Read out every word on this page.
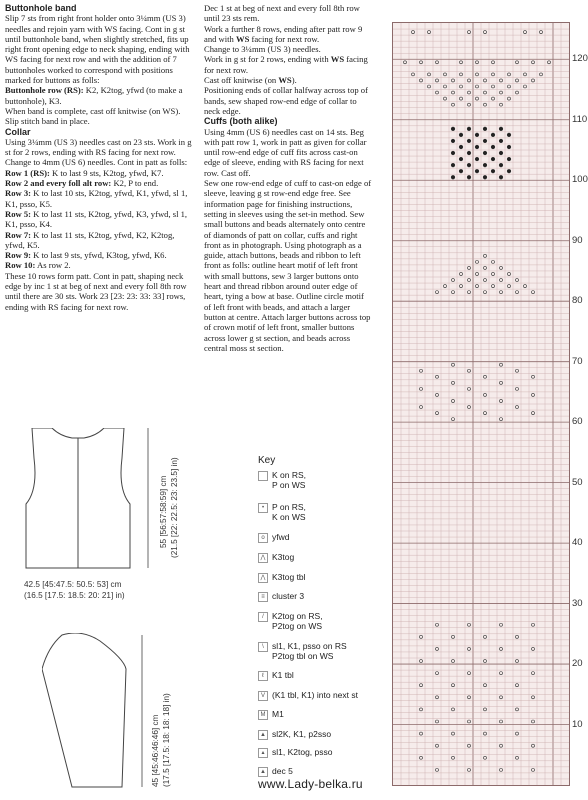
Buttonhole band

Slip 7 sts from right front holder onto 3¼mm (US 3) needles and rejoin yarn with WS facing. Cont in g st until buttonhole band, when slightly stretched, fits up right front opening edge to neck shaping, ending with WS facing for next row and with the addition of 7 buttonholes worked to correspond with positions marked for buttons as folls:

Buttonhole row (RS): K2, K2tog, yfwd (to make a buttonhole), K3.

When band is complete, cast off knitwise (on WS). Slip stitch band in place.

Collar

Using 3¼mm (US 3) needles cast on 23 sts. Work in g st for 2 rows, ending with RS facing for next row. Change to 4mm (US 6) needles. Cont in patt as folls:

Row 1 (RS): K to last 9 sts, K2tog, yfwd, K7.

Row 2 and every foll alt row: K2, P to end.

Row 3: K to last 10 sts, K2tog, yfwd, K1, yfwd, sl 1, K1, psso, K5.

Row 5: K to last 11 sts, K2tog, yfwd, K3, yfwd, sl 1, K1, psso, K4.

Row 7: K to last 11 sts, K2tog, yfwd, K2, K2tog, yfwd, K5.

Row 9: K to last 9 sts, yfwd, K3tog, yfwd, K6.

Row 10: As row 2.

These 10 rows form patt. Cont in patt, shaping neck edge by inc 1 st at beg of next and every foll 8th row until there are 30 sts. Work 23 [23: 23: 33: 33] rows, ending with RS facing for next row.

Dec 1 st at beg of next and every foll 8th row until 23 sts rem.

Work a further 8 rows, ending after patt row 9 and with WS facing for next row.

Change to 3¼mm (US 3) needles.

Work in g st for 2 rows, ending with WS facing for next row.

Cast off knitwise (on WS).

Positioning ends of collar halfway across top of bands, sew shaped row-end edge of collar to neck edge.

Cuffs (both alike)

Using 4mm (US 6) needles cast on 14 sts. Beg with patt row 1, work in patt as given for collar until row-end edge of cuff fits across cast-on edge of sleeve, ending with RS facing for next row. Cast off.

Sew one row-end edge of cuff to cast-on edge of sleeve, leaving g st row-end edge free. See information page for finishing instructions, setting in sleeves using the set-in method. Sew small buttons and beads alternately onto centre of diamonds of patt on collar, cuffs and right front as in photograph. Using photograph as a guide, attach buttons, beads and ribbon to left front as folls: outline heart motif of left front with small buttons, sew 3 larger buttons onto heart and thread ribbon around outer edge of heart, tying a bow at base. Outline circle motif of left front with beads, and attach a larger button at centre. Attach larger buttons across top of crown motif of left front, smaller buttons across lower g st section, and beads across central moss st section.

55 [56:57:58:59] cm (21.5 [22: 22.5: 23: 23.5] in)
42.5 [45:47.5: 50.5: 53] cm
(16.5 [17.5: 18.5: 20: 21] in)
45 [45:46:46:46] cm (17.5 [17.5: 18: 18: 18] in)
Key
K on RS,
P on WS
• P on RS,
K on WS
o yfwd
⋀ K3tog
⋀ K3tog tbl
≡ cluster 3
/ K2tog on RS,
P2tog on WS
\ sl1, K1, psso on RS
P2tog tbl on WS
ℓ K1 tbl
V (K1 tbl, K1) into next st
M M1
▲ sl2K, K1, p2sso
▴ sl1, K2tog, psso
▲ dec 5
120
110
100
90
80
70
60
50
40
30
20
10
www.Lady-belka.ru
